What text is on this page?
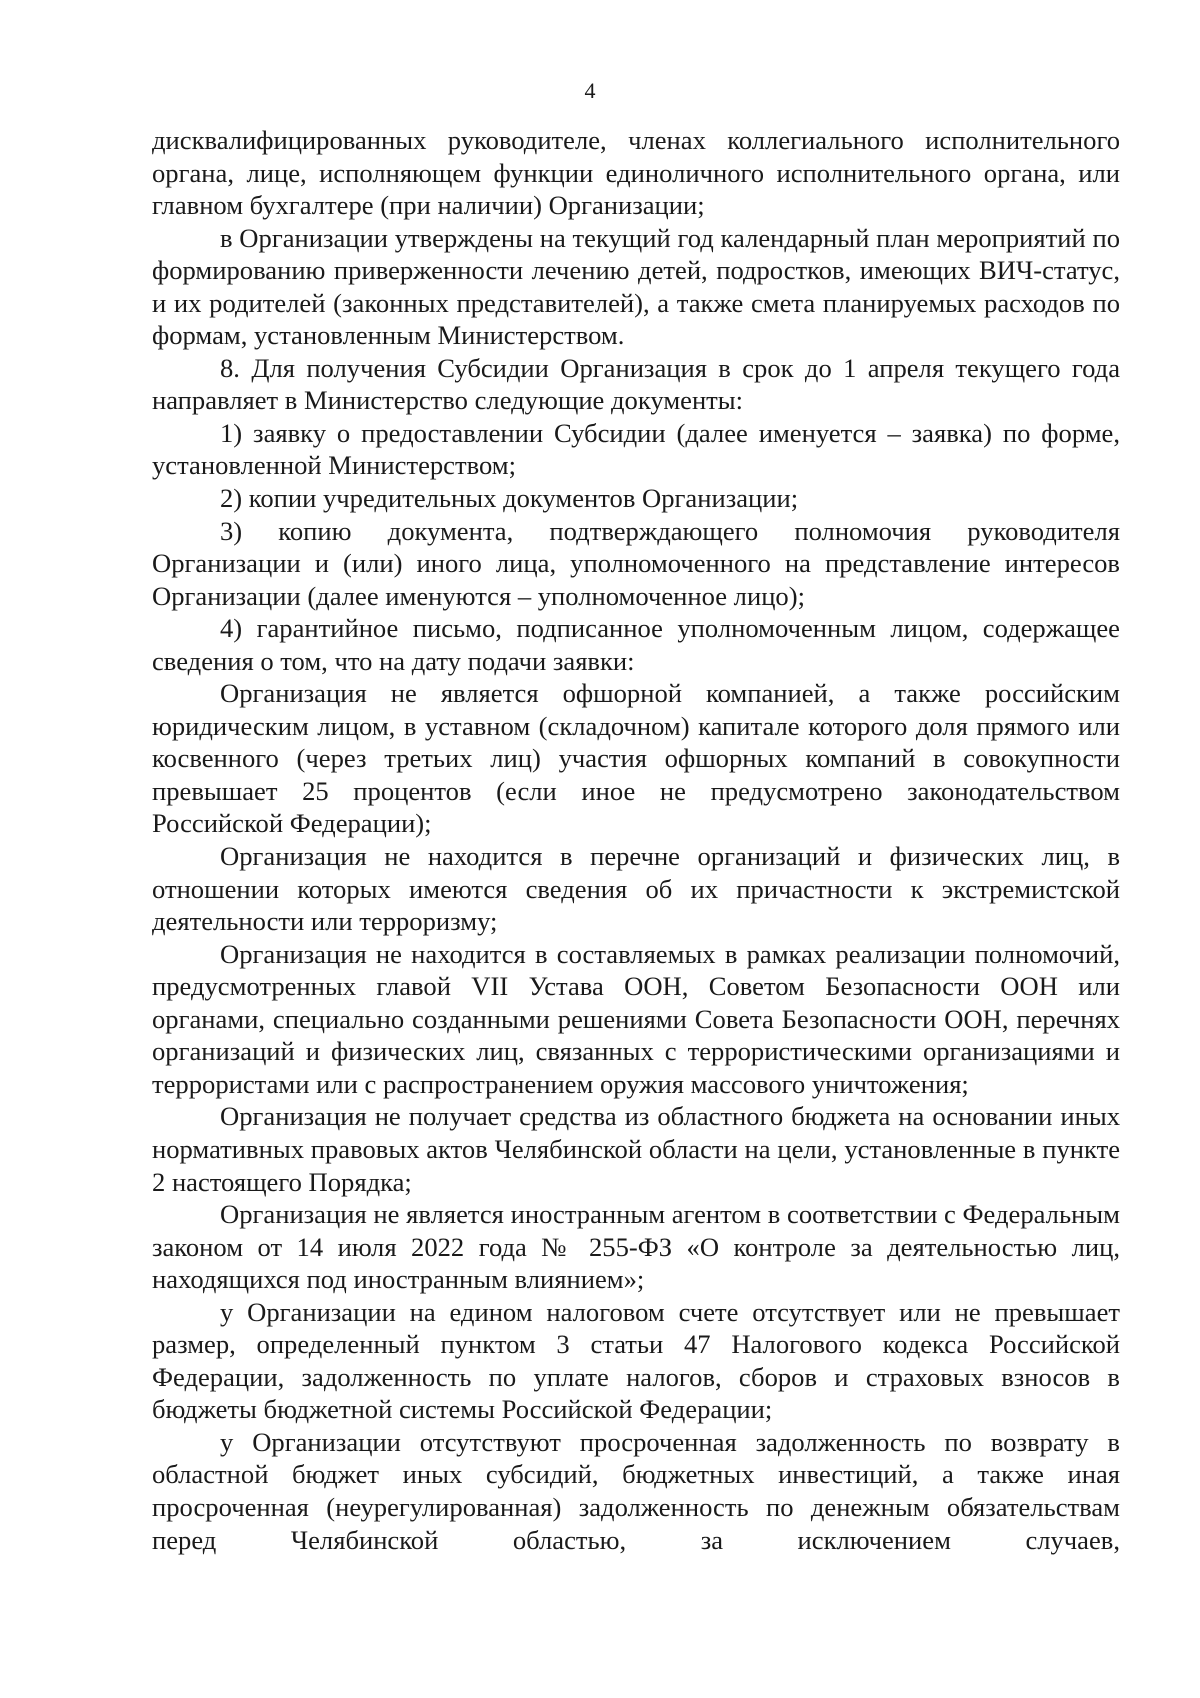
4

дисквалифицированных руководителе, членах коллегиального исполнительного органа, лице, исполняющем функции единоличного исполнительного органа, или главном бухгалтере (при наличии) Организации;

в Организации утверждены на текущий год календарный план мероприятий по формированию приверженности лечению детей, подростков, имеющих ВИЧ-статус, и их родителей (законных представителей), а также смета планируемых расходов по формам, установленным Министерством.

8. Для получения Субсидии Организация в срок до 1 апреля текущего года направляет в Министерство следующие документы:

1) заявку о предоставлении Субсидии (далее именуется – заявка) по форме, установленной Министерством;

2) копии учредительных документов Организации;

3) копию документа, подтверждающего полномочия руководителя Организации и (или) иного лица, уполномоченного на представление интересов Организации (далее именуются – уполномоченное лицо);

4) гарантийное письмо, подписанное уполномоченным лицом, содержащее сведения о том, что на дату подачи заявки:

Организация не является офшорной компанией, а также российским юридическим лицом, в уставном (складочном) капитале которого доля прямого или косвенного (через третьих лиц) участия офшорных компаний в совокупности превышает 25 процентов (если иное не предусмотрено законодательством Российской Федерации);

Организация не находится в перечне организаций и физических лиц, в отношении которых имеются сведения об их причастности к экстремистской деятельности или терроризму;

Организация не находится в составляемых в рамках реализации полномочий, предусмотренных главой VII Устава ООН, Советом Безопасности ООН или органами, специально созданными решениями Совета Безопасности ООН, перечнях организаций и физических лиц, связанных с террористическими организациями и террористами или с распространением оружия массового уничтожения;

Организация не получает средства из областного бюджета на основании иных нормативных правовых актов Челябинской области на цели, установленные в пункте 2 настоящего Порядка;

Организация не является иностранным агентом в соответствии с Федеральным законом от 14 июля 2022 года № 255-ФЗ «О контроле за деятельностью лиц, находящихся под иностранным влиянием»;

у Организации на едином налоговом счете отсутствует или не превышает размер, определенный пунктом 3 статьи 47 Налогового кодекса Российской Федерации, задолженность по уплате налогов, сборов и страховых взносов в бюджеты бюджетной системы Российской Федерации;

у Организации отсутствуют просроченная задолженность по возврату в областной бюджет иных субсидий, бюджетных инвестиций, а также иная просроченная (неурегулированная) задолженность по денежным обязательствам перед Челябинской областью, за исключением случаев,
